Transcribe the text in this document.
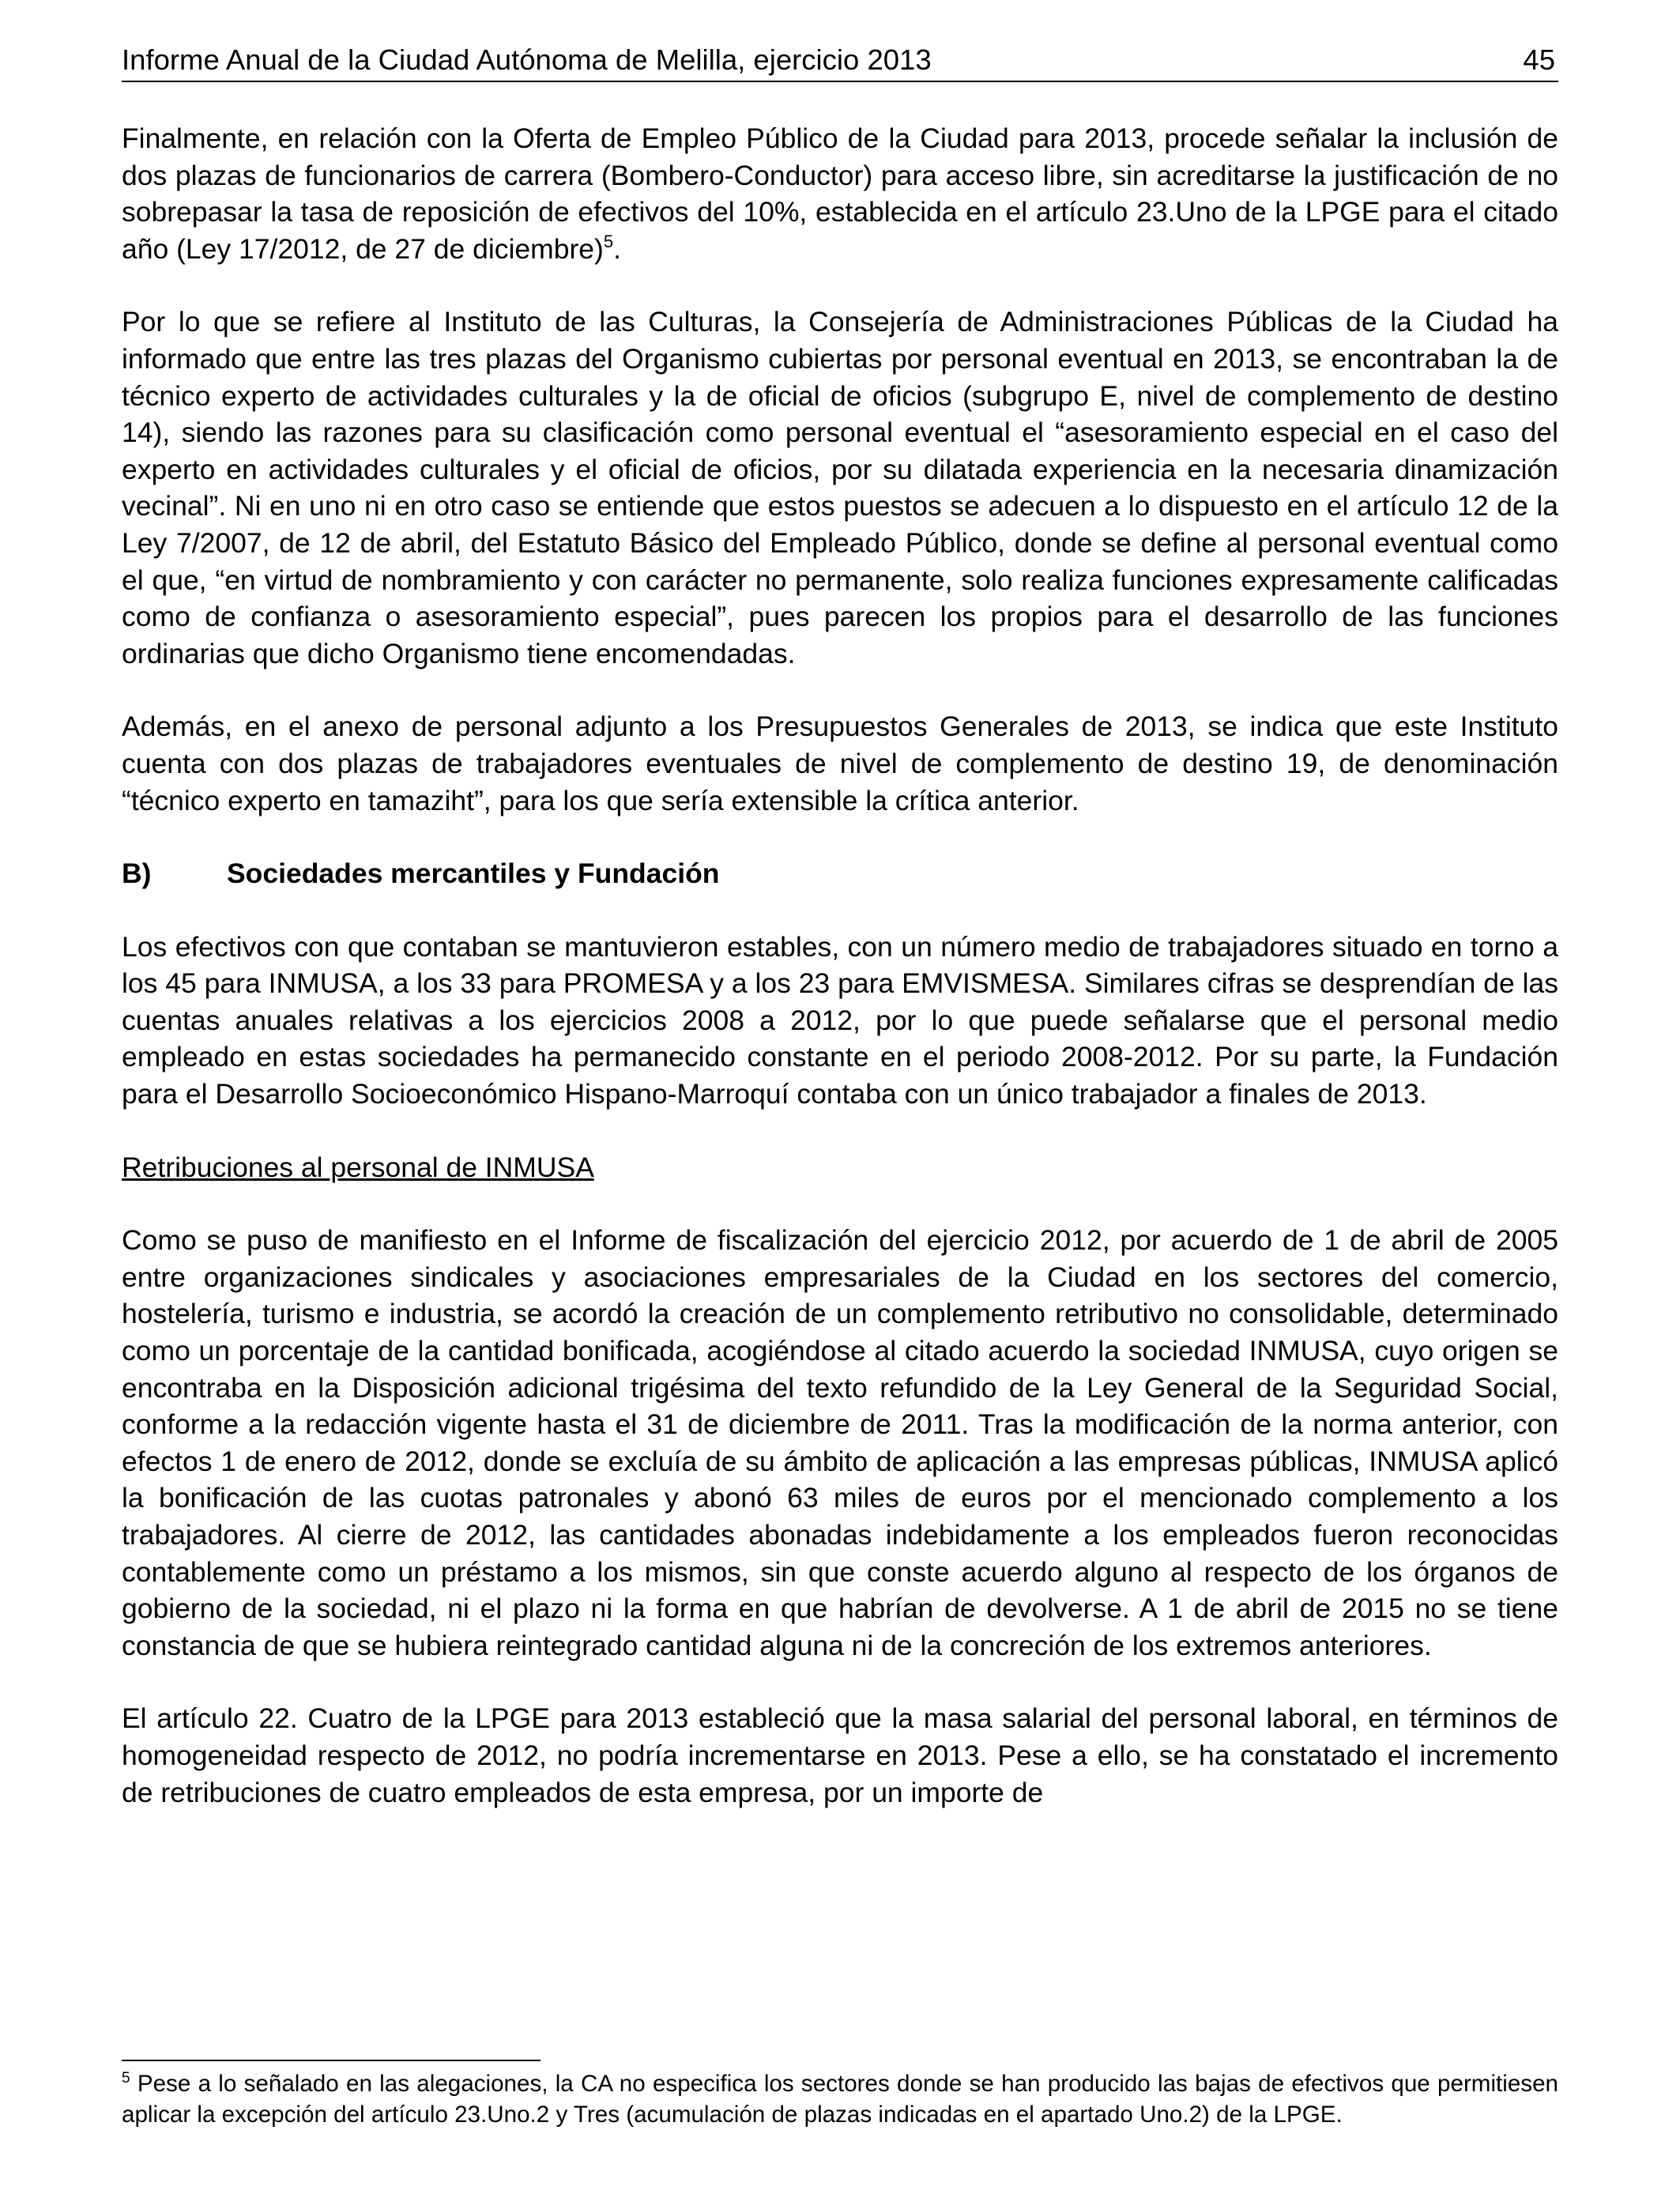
Informe Anual de la Ciudad Autónoma de Melilla, ejercicio 2013	45

Finalmente, en relación con la Oferta de Empleo Público de la Ciudad para 2013, procede señalar la inclusión de dos plazas de funcionarios de carrera (Bombero-Conductor) para acceso libre, sin acreditarse la justificación de no sobrepasar la tasa de reposición de efectivos del 10%, establecida en el artículo 23.Uno de la LPGE para el citado año (Ley 17/2012, de 27 de diciembre)$^5$.

Por lo que se refiere al Instituto de las Culturas, la Consejería de Administraciones Públicas de la Ciudad ha informado que entre las tres plazas del Organismo cubiertas por personal eventual en 2013, se encontraban la de técnico experto de actividades culturales y la de oficial de oficios (subgrupo E, nivel de complemento de destino 14), siendo las razones para su clasificación como personal eventual el “asesoramiento especial en el caso del experto en actividades culturales y el oficial de oficios, por su dilatada experiencia en la necesaria dinamización vecinal”. Ni en uno ni en otro caso se entiende que estos puestos se adecuen a lo dispuesto en el artículo 12 de la Ley 7/2007, de 12 de abril, del Estatuto Básico del Empleado Público, donde se define al personal eventual como el que, “en virtud de nombramiento y con carácter no permanente, solo realiza funciones expresamente calificadas como de confianza o asesoramiento especial”, pues parecen los propios para el desarrollo de las funciones ordinarias que dicho Organismo tiene encomendadas.

Además, en el anexo de personal adjunto a los Presupuestos Generales de 2013, se indica que este Instituto cuenta con dos plazas de trabajadores eventuales de nivel de complemento de destino 19, de denominación “técnico experto en tamaziht”, para los que sería extensible la crítica anterior.

B)	Sociedades mercantiles y Fundación

Los efectivos con que contaban se mantuvieron estables, con un número medio de trabajadores situado en torno a los 45 para INMUSA, a los 33 para PROMESA y a los 23 para EMVISMESA. Similares cifras se desprendían de las cuentas anuales relativas a los ejercicios 2008 a 2012, por lo que puede señalarse que el personal medio empleado en estas sociedades ha permanecido constante en el periodo 2008-2012. Por su parte, la Fundación para el Desarrollo Socioeconómico Hispano-Marroquí contaba con un único trabajador a finales de 2013.

Retribuciones al personal de INMUSA

Como se puso de manifiesto en el Informe de fiscalización del ejercicio 2012, por acuerdo de 1 de abril de 2005 entre organizaciones sindicales y asociaciones empresariales de la Ciudad en los sectores del comercio, hostelería, turismo e industria, se acordó la creación de un complemento retributivo no consolidable, determinado como un porcentaje de la cantidad bonificada, acogiéndose al citado acuerdo la sociedad INMUSA, cuyo origen se encontraba en la Disposición adicional trigésima del texto refundido de la Ley General de la Seguridad Social, conforme a la redacción vigente hasta el 31 de diciembre de 2011. Tras la modificación de la norma anterior, con efectos 1 de enero de 2012, donde se excluía de su ámbito de aplicación a las empresas públicas, INMUSA aplicó la bonificación de las cuotas patronales y abonó 63 miles de euros por el mencionado complemento a los trabajadores. Al cierre de 2012, las cantidades abonadas indebidamente a los empleados fueron reconocidas contablemente como un préstamo a los mismos, sin que conste acuerdo alguno al respecto de los órganos de gobierno de la sociedad, ni el plazo ni la forma en que habrían de devolverse. A 1 de abril de 2015 no se tiene constancia de que se hubiera reintegrado cantidad alguna ni de la concreción de los extremos anteriores.

El artículo 22. Cuatro de la LPGE para 2013 estableció que la masa salarial del personal laboral, en términos de homogeneidad respecto de 2012, no podría incrementarse en 2013. Pese a ello, se ha constatado el incremento de retribuciones de cuatro empleados de esta empresa, por un importe de

$^5$ Pese a lo señalado en las alegaciones, la CA no especifica los sectores donde se han producido las bajas de efectivos que permitiesen aplicar la excepción del artículo 23.Uno.2 y Tres (acumulación de plazas indicadas en el apartado Uno.2) de la LPGE.
